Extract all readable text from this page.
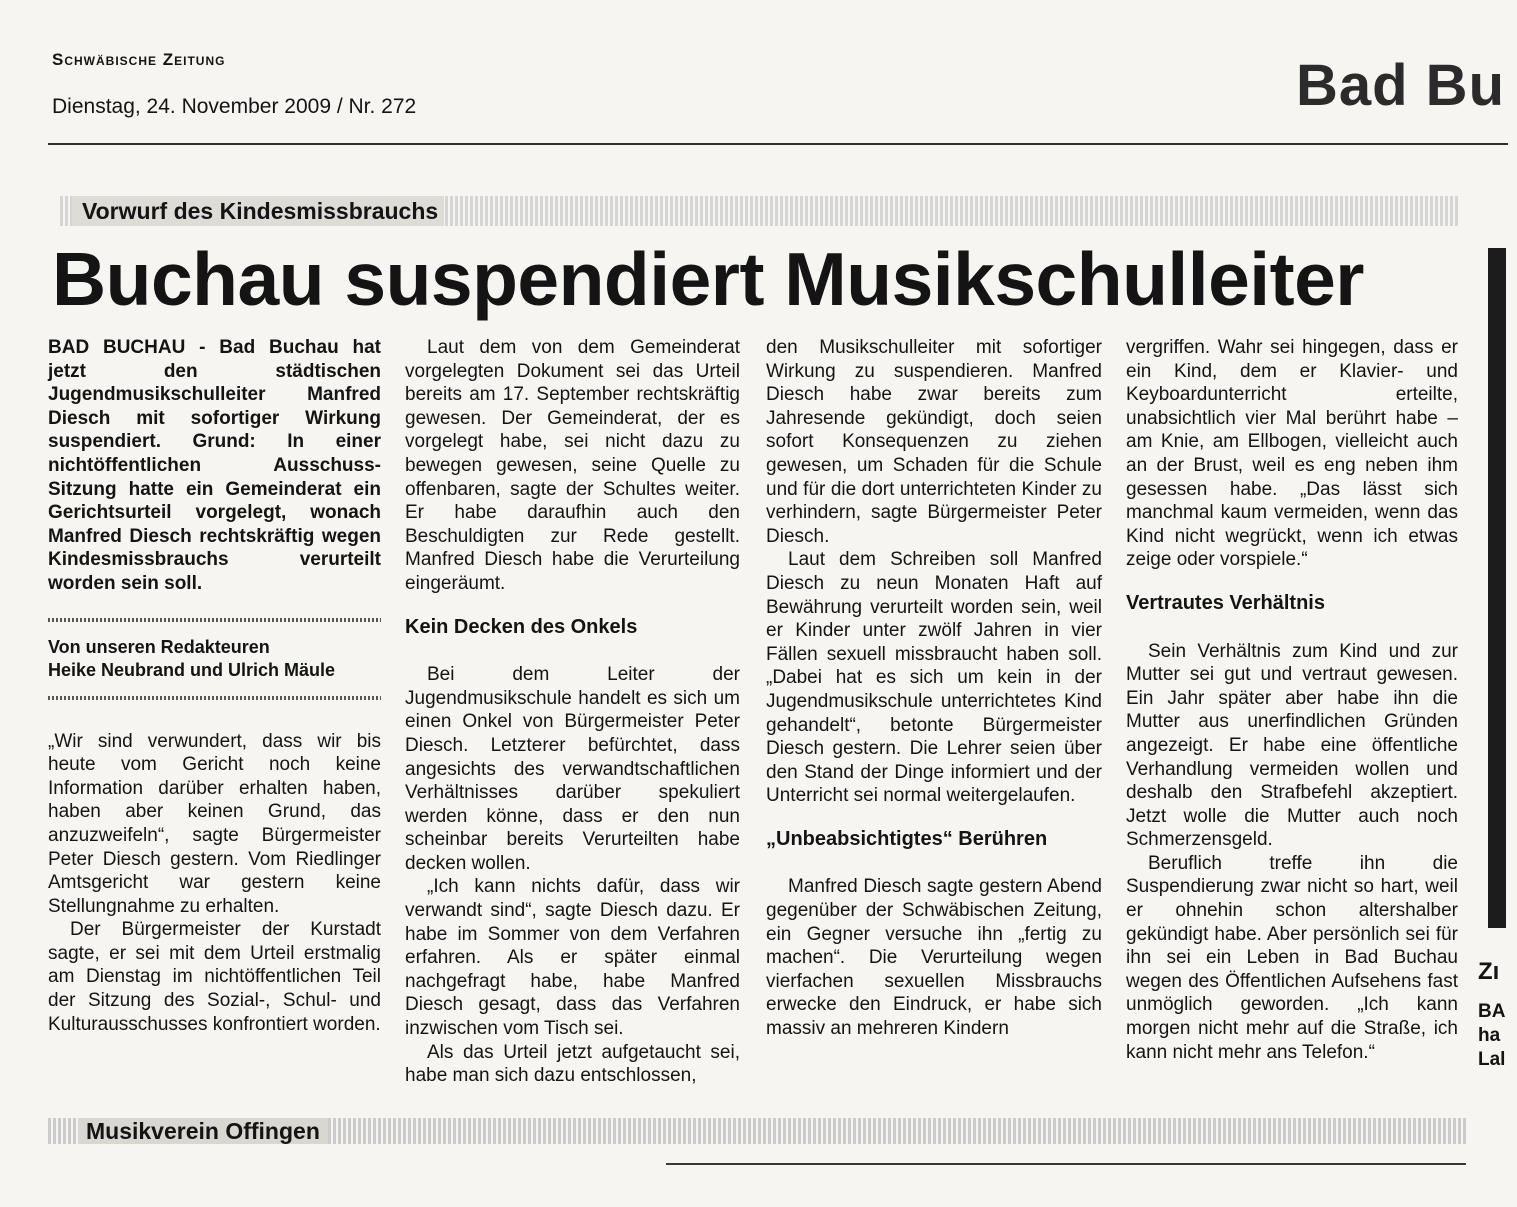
Schwäbische Zeitung
Dienstag, 24. November 2009 / Nr. 272	Bad Bu
Vorwurf des Kindesmissbrauchs
Buchau suspendiert Musikschulleiter

BAD BUCHAU - Bad Buchau hat jetzt den städtischen Jugendmusikschulleiter Manfred Diesch mit sofortiger Wirkung suspendiert. Grund: In einer nichtöffentlichen Ausschuss-Sitzung hatte ein Gemeinderat ein Gerichtsurteil vorgelegt, wonach Manfred Diesch rechtskräftig wegen Kindesmissbrauchs verurteilt worden sein soll.

Von unseren Redakteuren

Heike Neubrand und Ulrich Mäule

„Wir sind verwundert, dass wir bis heute vom Gericht noch keine Information darüber erhalten haben, haben aber keinen Grund, das anzuzweifeln“, sagte Bürgermeister Peter Diesch gestern. Vom Riedlinger Amtsgericht war gestern keine Stellungnahme zu erhalten.

Der Bürgermeister der Kurstadt sagte, er sei mit dem Urteil erstmalig am Dienstag im nichtöffentlichen Teil der Sitzung des Sozial-, Schul- und Kulturausschusses konfrontiert worden.

Laut dem von dem Gemeinderat vorgelegten Dokument sei das Urteil bereits am 17. September rechtskräftig gewesen. Der Gemeinderat, der es vorgelegt habe, sei nicht dazu zu bewegen gewesen, seine Quelle zu offenbaren, sagte der Schultes weiter. Er habe daraufhin auch den Beschuldigten zur Rede gestellt. Manfred Diesch habe die Verurteilung eingeräumt.

Kein Decken des Onkels

Bei dem Leiter der Jugendmusikschule handelt es sich um einen Onkel von Bürgermeister Peter Diesch. Letzterer befürchtet, dass angesichts des verwandtschaftlichen Verhältnisses darüber spekuliert werden könne, dass er den nun scheinbar bereits Verurteilten habe decken wollen.

„Ich kann nichts dafür, dass wir verwandt sind“, sagte Diesch dazu. Er habe im Sommer von dem Verfahren erfahren. Als er später einmal nachgefragt habe, habe Manfred Diesch gesagt, dass das Verfahren inzwischen vom Tisch sei.

Als das Urteil jetzt aufgetaucht sei, habe man sich dazu entschlossen,

den Musikschulleiter mit sofortiger Wirkung zu suspendieren. Manfred Diesch habe zwar bereits zum Jahresende gekündigt, doch seien sofort Konsequenzen zu ziehen gewesen, um Schaden für die Schule und für die dort unterrichteten Kinder zu verhindern, sagte Bürgermeister Peter Diesch.

Laut dem Schreiben soll Manfred Diesch zu neun Monaten Haft auf Bewährung verurteilt worden sein, weil er Kinder unter zwölf Jahren in vier Fällen sexuell missbraucht haben soll. „Dabei hat es sich um kein in der Jugendmusikschule unterrichtetes Kind gehandelt“, betonte Bürgermeister Diesch gestern. Die Lehrer seien über den Stand der Dinge informiert und der Unterricht sei normal weitergelaufen.

„Unbeabsichtigtes“ Berühren

Manfred Diesch sagte gestern Abend gegenüber der Schwäbischen Zeitung, ein Gegner versuche ihn „fertig zu machen“. Die Verurteilung wegen vierfachen sexuellen Missbrauchs erwecke den Eindruck, er habe sich massiv an mehreren Kindern

vergriffen. Wahr sei hingegen, dass er ein Kind, dem er Klavier- und Keyboardunterricht erteilte, unabsichtlich vier Mal berührt habe – am Knie, am Ellbogen, vielleicht auch an der Brust, weil es eng neben ihm gesessen habe. „Das lässt sich manchmal kaum vermeiden, wenn das Kind nicht wegrückt, wenn ich etwas zeige oder vorspiele.“

Vertrautes Verhältnis

Sein Verhältnis zum Kind und zur Mutter sei gut und vertraut gewesen. Ein Jahr später aber habe ihn die Mutter aus unerfindlichen Gründen angezeigt. Er habe eine öffentliche Verhandlung vermeiden wollen und deshalb den Strafbefehl akzeptiert. Jetzt wolle die Mutter auch noch Schmerzensgeld.

Beruflich treffe ihn die Suspendierung zwar nicht so hart, weil er ohnehin schon altershalber gekündigt habe. Aber persönlich sei für ihn sei ein Leben in Bad Buchau wegen des Öffentlichen Aufsehens fast unmöglich geworden. „Ich kann morgen nicht mehr auf die Straße, ich kann nicht mehr ans Telefon.“

Zı
BA
ha
Lal
Musikverein Offingen
